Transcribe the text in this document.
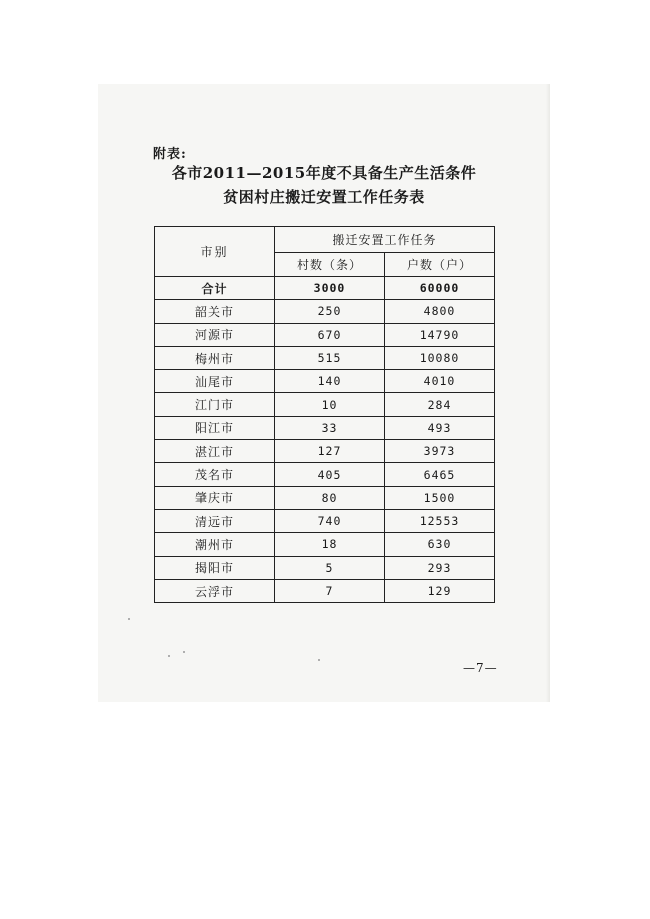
附表:
各市2011—2015年度不具备生产生活条件
贫困村庄搬迁安置工作任务表
市别	搬迁安置工作任务	
	村数（条）	户数（户）
合计	3000	60000
韶关市	250	4800
河源市	670	14790
梅州市	515	10080
汕尾市	140	4010
江门市	10	284
阳江市	33	493
湛江市	127	3973
茂名市	405	6465
肇庆市	80	1500
清远市	740	12553
潮州市	18	630
揭阳市	5	293
云浮市	7	129
—7—
